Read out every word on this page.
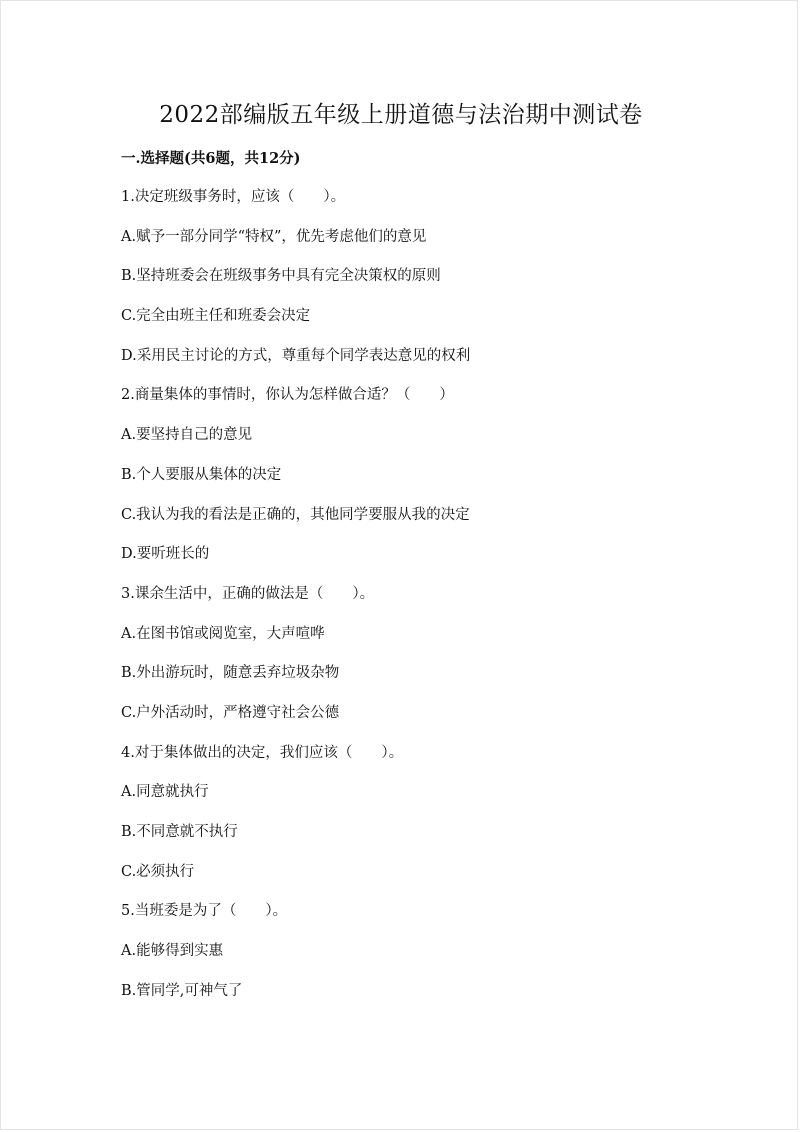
2022部编版五年级上册道德与法治期中测试卷
一.选择题(共6题，共12分)
1.决定班级事务时，应该（　　）。
A.赋予一部分同学“特权”，优先考虑他们的意见
B.坚持班委会在班级事务中具有完全决策权的原则
C.完全由班主任和班委会决定
D.采用民主讨论的方式，尊重每个同学表达意见的权利
2.商量集体的事情时，你认为怎样做合适？（　　）
A.要坚持自己的意见
B.个人要服从集体的决定
C.我认为我的看法是正确的，其他同学要服从我的决定
D.要听班长的
3.课余生活中，正确的做法是（　　）。
A.在图书馆或阅览室，大声喧哗
B.外出游玩时，随意丢弃垃圾杂物
C.户外活动时，严格遵守社会公德
4.对于集体做出的决定，我们应该（　　）。
A.同意就执行
B.不同意就不执行
C.必须执行
5.当班委是为了（　　）。
A.能够得到实惠
B.管同学,可神气了
